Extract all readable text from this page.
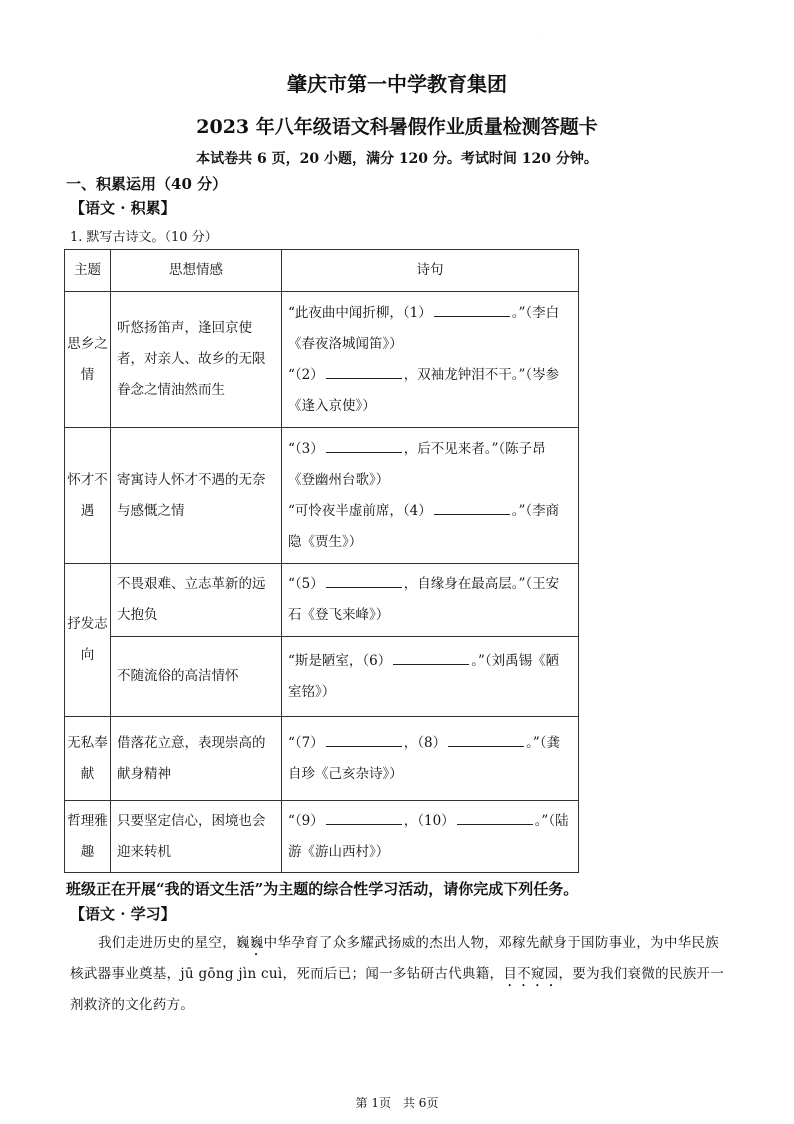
·
肇庆市第一中学教育集团
2023 年八年级语文科暑假作业质量检测答题卡
本试卷共 6 页，20 小题，满分 120 分。考试时间 120 分钟。
一、积累运用（40 分）
【语文 · 积累】
1. 默写古诗文。（10 分）
主题	思想情感	诗句
思乡之情	听悠扬笛声，逢回京使者，对亲人、故乡的无限眷念之情油然而生	“此夜曲中闻折柳，（1） 。”（李白《春夜洛城闻笛》）
“（2） ，双袖龙钟泪不干。”（岑参《逢入京使》）
怀才不遇	寄寓诗人怀才不遇的无奈与感慨之情	“（3） ，后不见来者。”（陈子昂《登幽州台歌》）
“可怜夜半虚前席，（4） 。”（李商隐《贾生》）
抒发志向	不畏艰难、立志革新的远大抱负	“（5） ，自缘身在最高层。”（王安石《登飞来峰》）
	不随流俗的高洁情怀	“斯是陋室，（6） 。”（刘禹锡《陋室铭》）
无私奉献	借落花立意，表现崇高的献身精神	“（7） ，（8） 。”（龚自珍《己亥杂诗》）
哲理雅趣	只要坚定信心，困境也会迎来转机	“（9） ，（10） 。”（陆游《游山西村》）
班级正在开展“我的语文生活”为主题的综合性学习活动，请你完成下列任务。
【语文 · 学习】
我们走进历史的星空，巍巍中华孕育了众多耀武扬威的杰出人物，邓稼先献身于国防事业，为中华民族核武器事业奠基，jū gōng jìn cuì，死而后已；闻一多钻研古代典籍，目不窥园，要为我们衰微的民族开一剂救济的文化药方。
第 1页　共 6页
